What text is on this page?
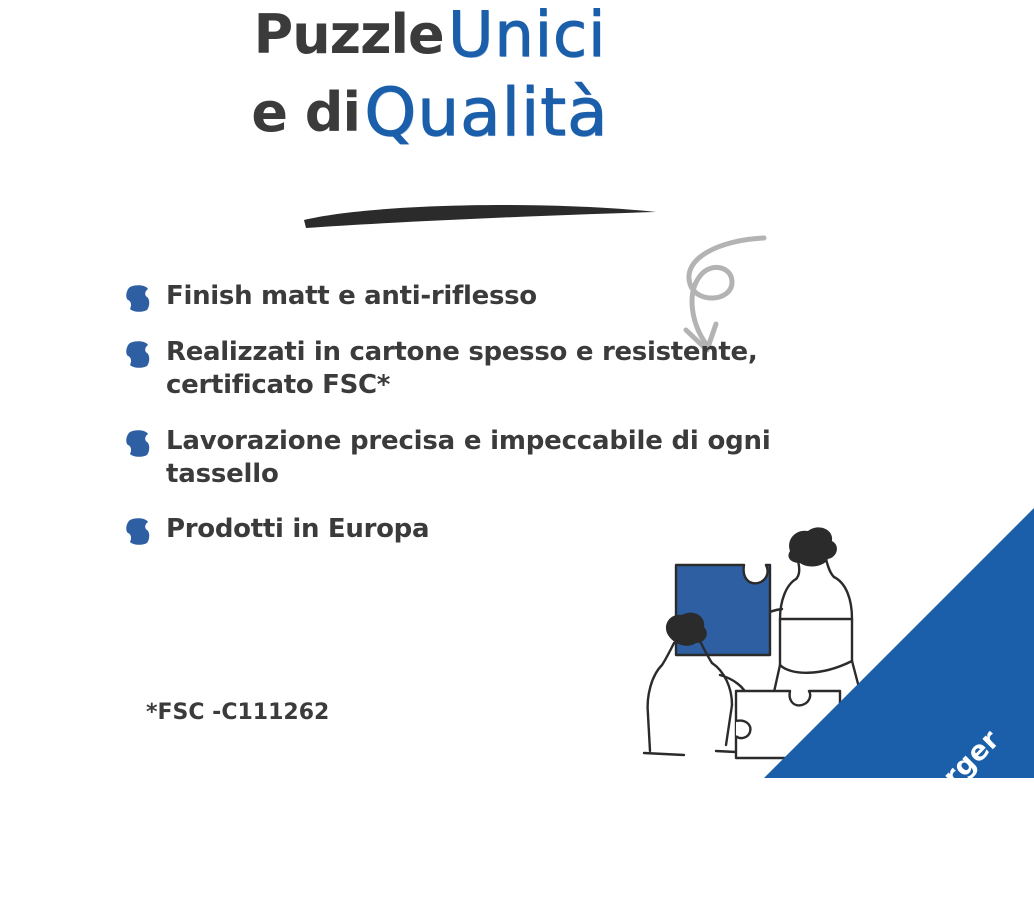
Puzzle Unici
e di Qualità
Finish matt e anti-riflesso
Realizzati in cartone spesso e resistente, certificato FSC*
Lavorazione precisa e impeccabile di ogni tassello
Prodotti in Europa
*FSC -C111262
Ravensburger
